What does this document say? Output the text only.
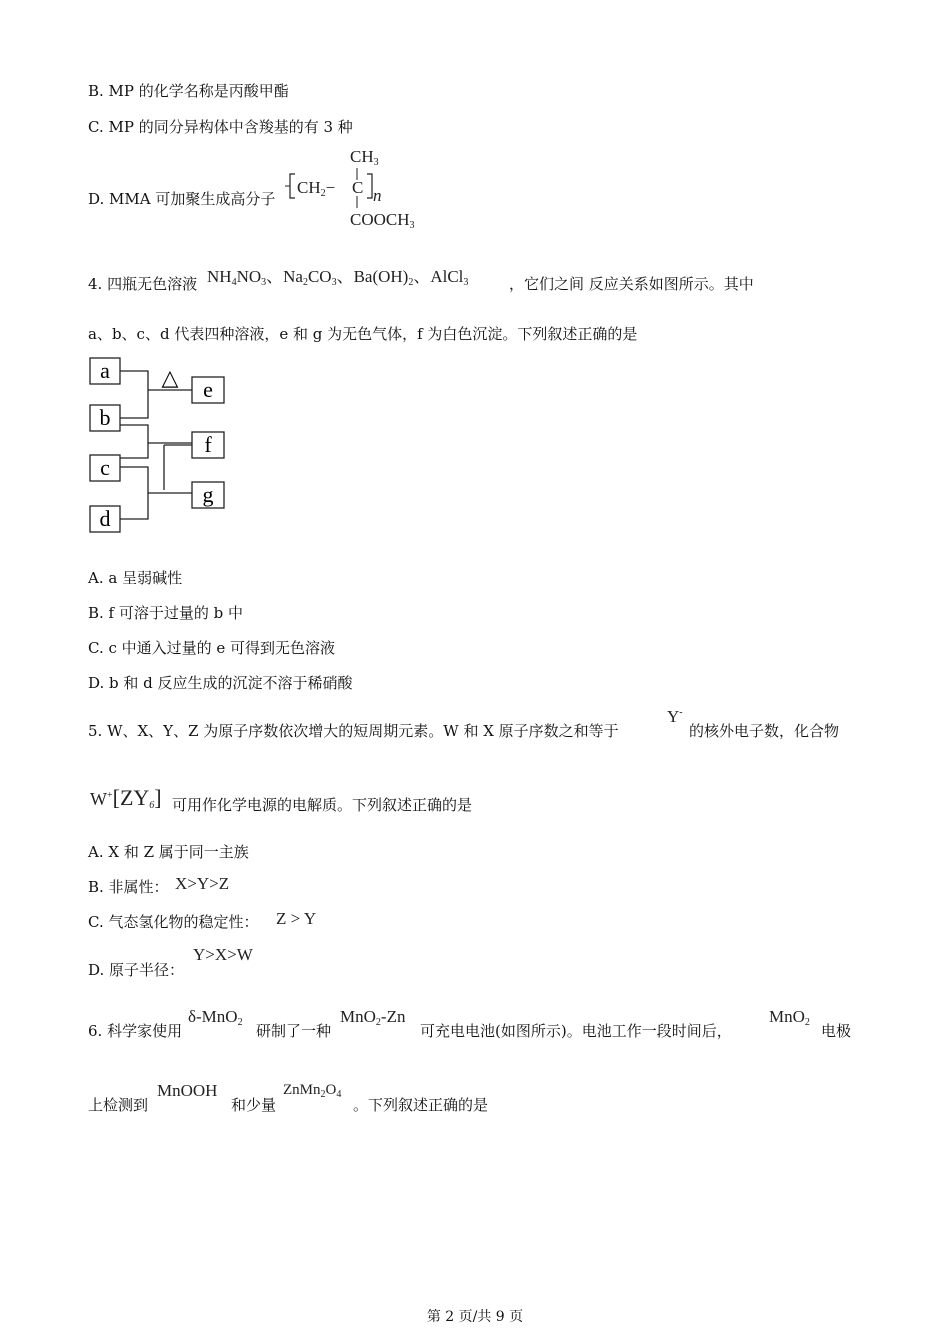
B. MP 的化学名称是丙酸甲酯
C. MP 的同分异构体中含羧基的有 3 种
D. MMA 可加聚生成高分子
$CH_3$
$CH_2- C$ n
$COOCH_3$
4. 四瓶无色溶液 $NH_4NO_3$、$Na_2CO_3$、$Ba(OH)_2$、AlCl$_3$	，它们之间 反应关系如图所示。其中
a、b、c、d 代表四种溶液，e 和 g 为无色气体，f 为白色沉淀。下列叙述正确的是
a
b
c
d
e
f
g
△
A. a 呈弱碱性
B. f 可溶于过量的 b 中
C. c 中通入过量的 e 可得到无色溶液
D. b 和 d 反应生成的沉淀不溶于稀硝酸
5. W、X、Y、Z 为原子序数依次增大的短周期元素。W 和 X 原子序数之和等于
Y-
的核外电子数，化合物
$W^+[ZY_6]$ 可用作化学电源的电解质。下列叙述正确的是
A. X 和 Z 属于同一主族
B. 非属性： X>Y>Z
C. 气态氢化物的稳定性： Z > Y
D. 原子半径：
Y>X>W
6. 科学家使用
δ-MnO$_2$ 研制了一种
MnO$_2$-Zn
可充电电池(如图所示)。电池工作一段时间后，
MnO$_2$ 电极
上检测到
MnOOH
和少量
$ZnMn_2O_4$
。下列叙述正确的是
第 2 页/共 9 页
